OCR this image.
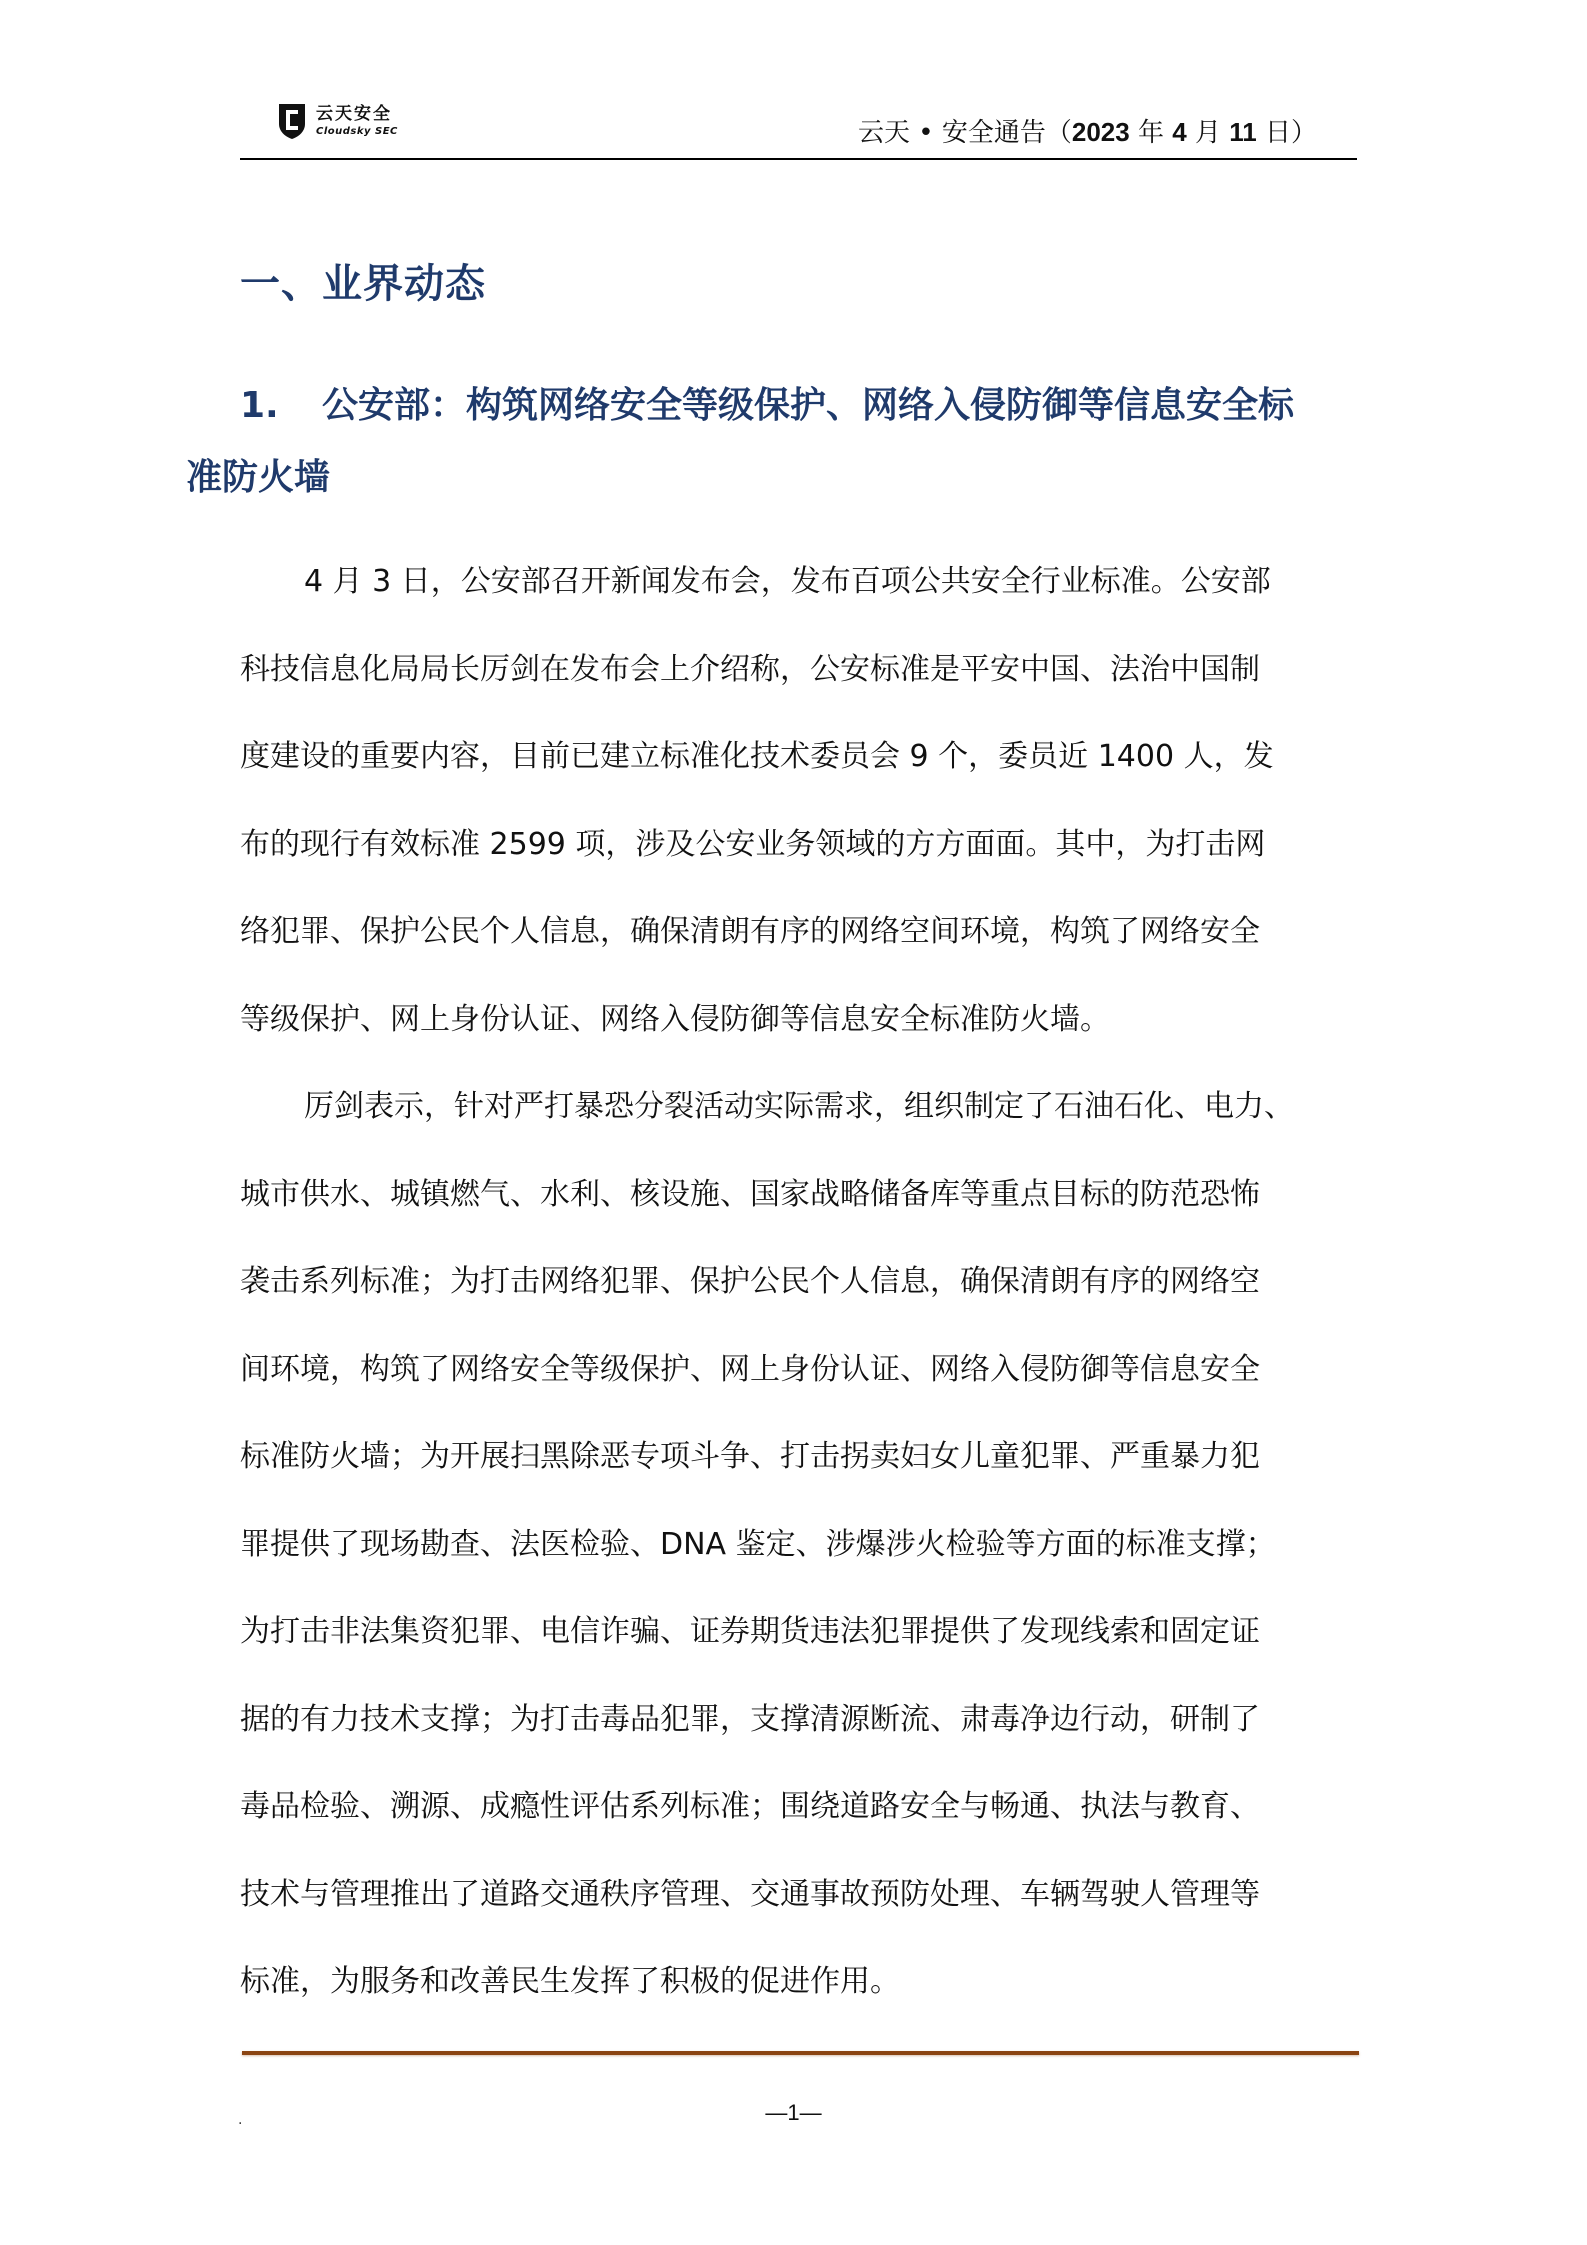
云天安全
Cloudsky SEC	云天 • 安全通告（2023 年 4 月 11 日）
一、业界动态
1. 公安部：构筑网络安全等级保护、网络入侵防御等信息安全标
准防火墙
4 月 3 日，公安部召开新闻发布会，发布百项公共安全行业标准。公安部
科技信息化局局长厉剑在发布会上介绍称，公安标准是平安中国、法治中国制
度建设的重要内容，目前已建立标准化技术委员会 9 个，委员近 1400 人，发
布的现行有效标准 2599 项，涉及公安业务领域的方方面面。其中，为打击网
络犯罪、保护公民个人信息，确保清朗有序的网络空间环境，构筑了网络安全
等级保护、网上身份认证、网络入侵防御等信息安全标准防火墙。
厉剑表示，针对严打暴恐分裂活动实际需求，组织制定了石油石化、电力、
城市供水、城镇燃气、水利、核设施、国家战略储备库等重点目标的防范恐怖
袭击系列标准；为打击网络犯罪、保护公民个人信息，确保清朗有序的网络空
间环境，构筑了网络安全等级保护、网上身份认证、网络入侵防御等信息安全
标准防火墙；为开展扫黑除恶专项斗争、打击拐卖妇女儿童犯罪、严重暴力犯
罪提供了现场勘查、法医检验、DNA 鉴定、涉爆涉火检验等方面的标准支撑；
为打击非法集资犯罪、电信诈骗、证券期货违法犯罪提供了发现线索和固定证
据的有力技术支撑；为打击毒品犯罪，支撑清源断流、肃毒净边行动，研制了
毒品检验、溯源、成瘾性评估系列标准；围绕道路安全与畅通、执法与教育、
技术与管理推出了道路交通秩序管理、交通事故预防处理、车辆驾驶人管理等
标准，为服务和改善民生发挥了积极的促进作用。
.	—1—
